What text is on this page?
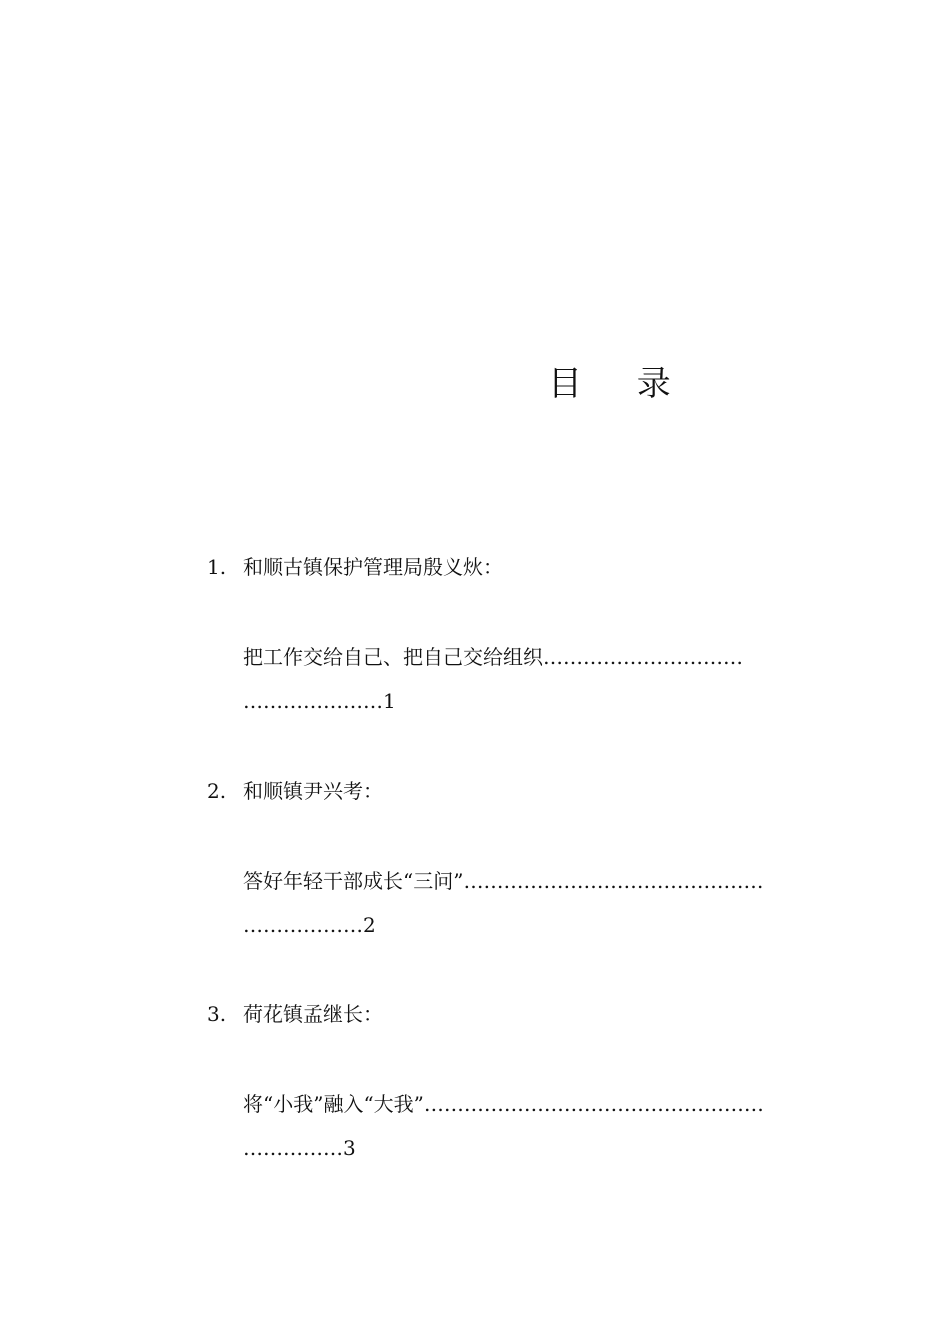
目 录
1. 和顺古镇保护管理局殷义炏：
把工作交给自己、把自己交给组织…………………………
…………………1
2. 和顺镇尹兴考：
答好年轻干部成长“三问”………………………………………
………………2
3. 荷花镇孟继长：
将“小我”融入“大我”……………………………………………
……………3
